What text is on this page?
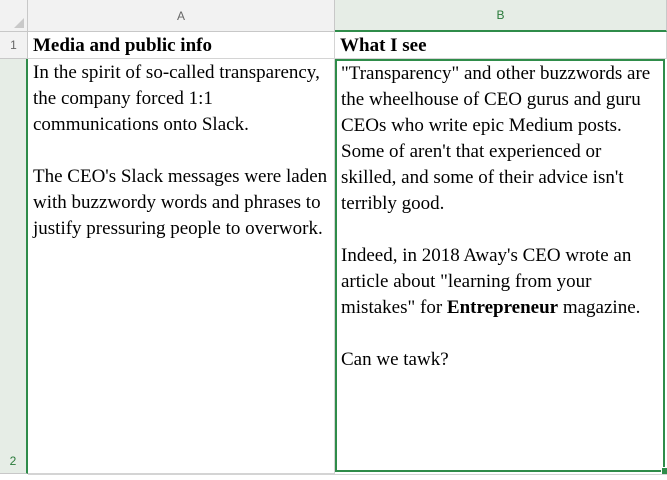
A	B
1
2
Media and public info	What I see

In the spirit of so-called transparency, the company forced 1:1 communications onto Slack.

The CEO's Slack messages were laden with buzzwordy words and phrases to justify pressuring people to overwork.

"Transparency" and other buzzwords are the wheelhouse of CEO gurus and guru CEOs who write epic Medium posts. Some of aren't that experienced or skilled, and some of their advice isn't terribly good.

Indeed, in 2018 Away's CEO wrote an article about "learning from your mistakes" for Entrepreneur magazine.

Can we tawk?
